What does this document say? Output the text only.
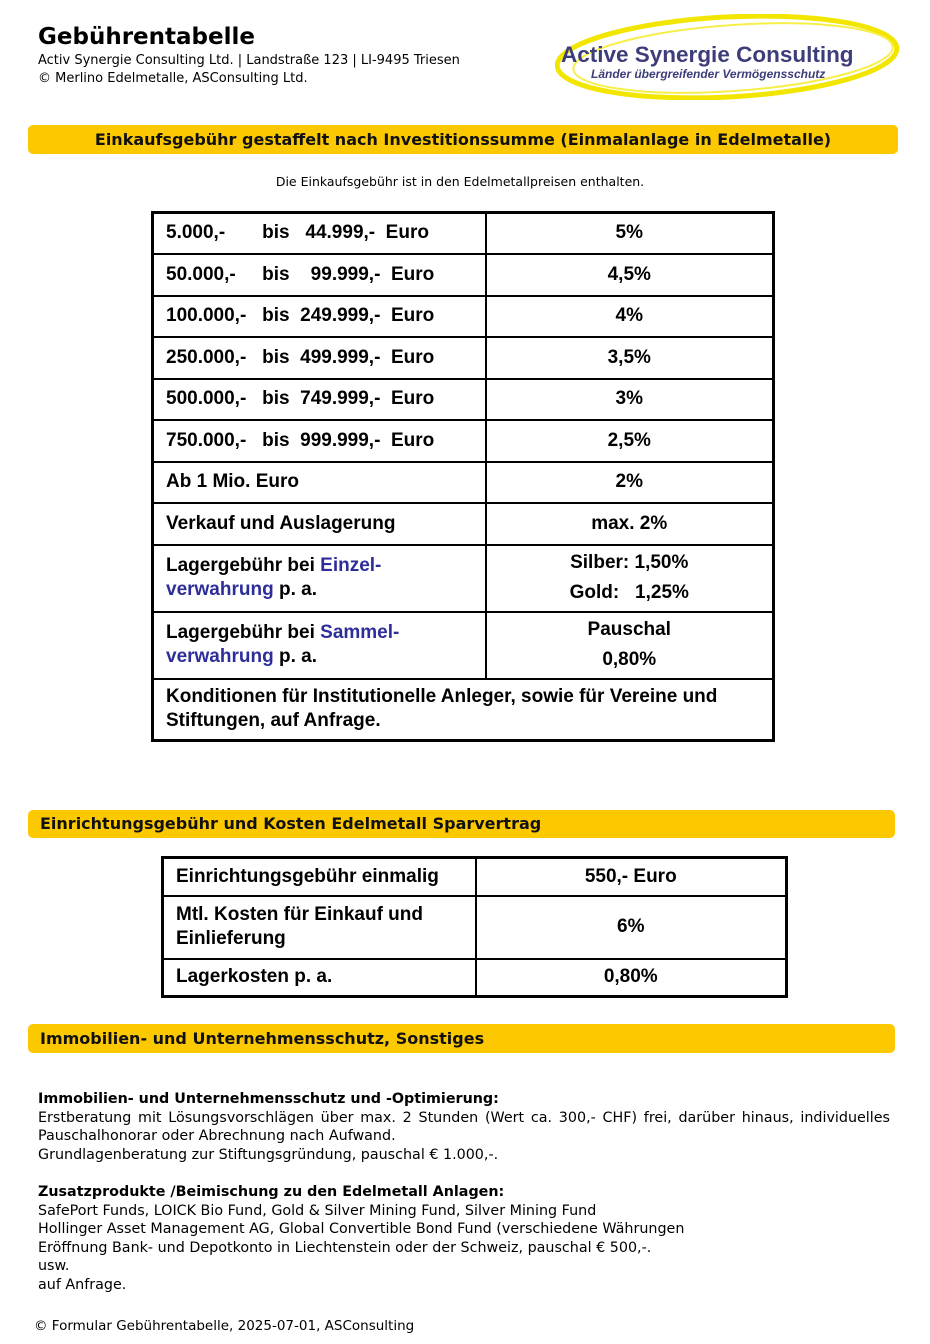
Gebührentabelle
Activ Synergie Consulting Ltd. | Landstraße 123 | LI-9495 Triesen
© Merlino Edelmetalle, ASConsulting Ltd.
Active Synergie Consulting
Länder übergreifender Vermögensschutz
Einkaufsgebühr gestaffelt nach Investitionssumme (Einmalanlage in Edelmetalle)
Die Einkaufsgebühr ist in den Edelmetallpreisen enthalten.
5.000,-       bis   44.999,-  Euro	5%
50.000,-     bis    99.999,-  Euro	4,5%
100.000,-   bis  249.999,-  Euro	4%
250.000,-   bis  499.999,-  Euro	3,5%
500.000,-   bis  749.999,-  Euro	3%
750.000,-   bis  999.999,-  Euro	2,5%
Ab 1 Mio. Euro	2%
Verkauf und Auslagerung	max. 2%
Lagergebühr bei Einzel-
verwahrung p. a.	Silber: 1,50%
Gold:   1,25%
Lagergebühr bei Sammel-
verwahrung p. a.	Pauschal
0,80%
Konditionen für Institutionelle Anleger, sowie für Vereine und Stiftungen, auf Anfrage.	
Einrichtungsgebühr und Kosten Edelmetall Sparvertrag
Einrichtungsgebühr einmalig	550,- Euro
Mtl. Kosten für Einkauf und Einlieferung	6%
Lagerkosten p. a.	0,80%
Immobilien- und Unternehmensschutz, Sonstiges
Immobilien- und Unternehmensschutz und -Optimierung:
Erstberatung mit Lösungsvorschlägen über max. 2 Stunden (Wert ca. 300,- CHF) frei, darüber hinaus, individuelles Pauschalhonorar oder Abrechnung nach Aufwand.
Grundlagenberatung zur Stiftungsgründung, pauschal € 1.000,-.
Zusatzprodukte /Beimischung zu den Edelmetall Anlagen:
SafePort Funds, LOICK Bio Fund, Gold & Silver Mining Fund, Silver Mining Fund
Hollinger Asset Management AG, Global Convertible Bond Fund (verschiedene Währungen
Eröffnung Bank- und Depotkonto in Liechtenstein oder der Schweiz, pauschal € 500,-.
usw.
auf Anfrage.
© Formular Gebührentabelle, 2025-07-01, ASConsulting
